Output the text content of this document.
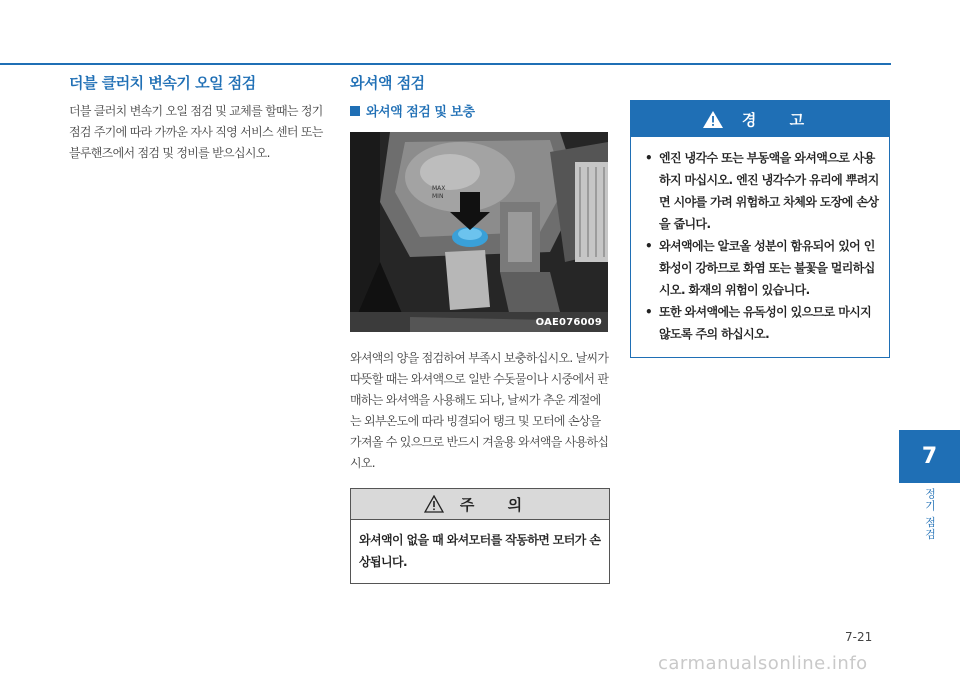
더블 클러치 변속기 오일 점검

더블 클러치 변속기 오일 점검 및 교체를 할때는 정기 점검 주기에 따라 가까운 자사 직영 서비스 센터 또는 블루핸즈에서 점검 및 정비를 받으십시오.

와셔액 점검
와셔액 점검 및 보충
MAX
MIN
OAE076009

와셔액의 양을 점검하여 부족시 보충하십시오. 날씨가 따뜻할 때는 와셔액으로 일반 수돗물이나 시중에서 판매하는 와셔액을 사용해도 되나, 날씨가 추운 계절에는 외부온도에 따라 빙결되어 탱크 및 모터에 손상을 가져올 수 있으므로 반드시 겨울용 와셔액을 사용하십시오.

주 의
와셔액이 없을 때 와셔모터를 작동하면 모터가 손상됩니다.
경 고
• 엔진 냉각수 또는 부동액을 와셔액으로 사용하지 마십시오. 엔진 냉각수가 유리에 뿌려지면 시야를 가려 위험하고 차체와 도장에 손상을 줍니다.
• 와셔액에는 알코올 성분이 함유되어 있어 인화성이 강하므로 화염 또는 불꽃을 멀리하십시오. 화재의 위험이 있습니다.
• 또한 와셔액에는 유독성이 있으므로 마시지 않도록 주의 하십시오.
7
정기 점검
7-21
carmanualsonline.info
